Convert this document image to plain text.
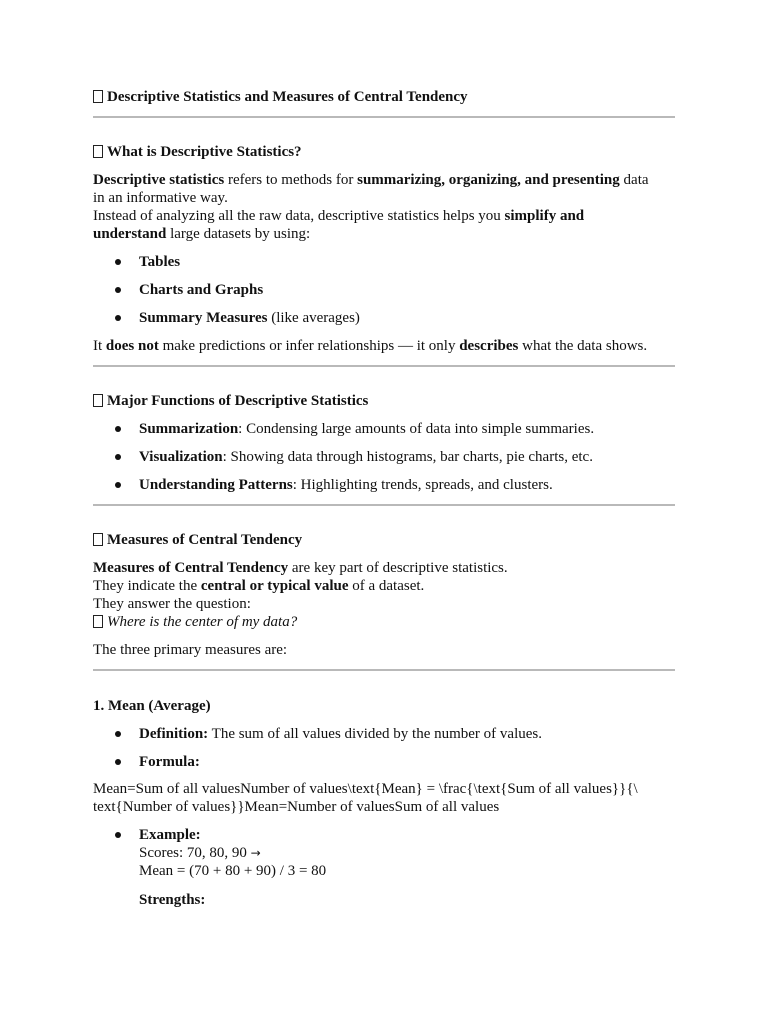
Descriptive Statistics and Measures of Central Tendency
What is Descriptive Statistics?
Descriptive statistics refers to methods for summarizing, organizing, and presenting data
in an informative way.
Instead of analyzing all the raw data, descriptive statistics helps you simplify and
understand large datasets by using:
Tables
Charts and Graphs
Summary Measures (like averages)
It does not make predictions or infer relationships — it only describes what the data shows.
Major Functions of Descriptive Statistics
Summarization: Condensing large amounts of data into simple summaries.
Visualization: Showing data through histograms, bar charts, pie charts, etc.
Understanding Patterns: Highlighting trends, spreads, and clusters.
Measures of Central Tendency
Measures of Central Tendency are key part of descriptive statistics.
They indicate the central or typical value of a dataset.
They answer the question:
Where is the center of my data?
The three primary measures are:
1. Mean (Average)
Definition: The sum of all values divided by the number of values.
Formula:
Mean=Sum of all valuesNumber of values\text{Mean} = \frac{\text{Sum of all values}}{\
text{Number of values}}Mean=Number of valuesSum of all values
Example:
Scores: 70, 80, 90 →
Mean = (70 + 80 + 90) / 3 = 80
Strengths:
